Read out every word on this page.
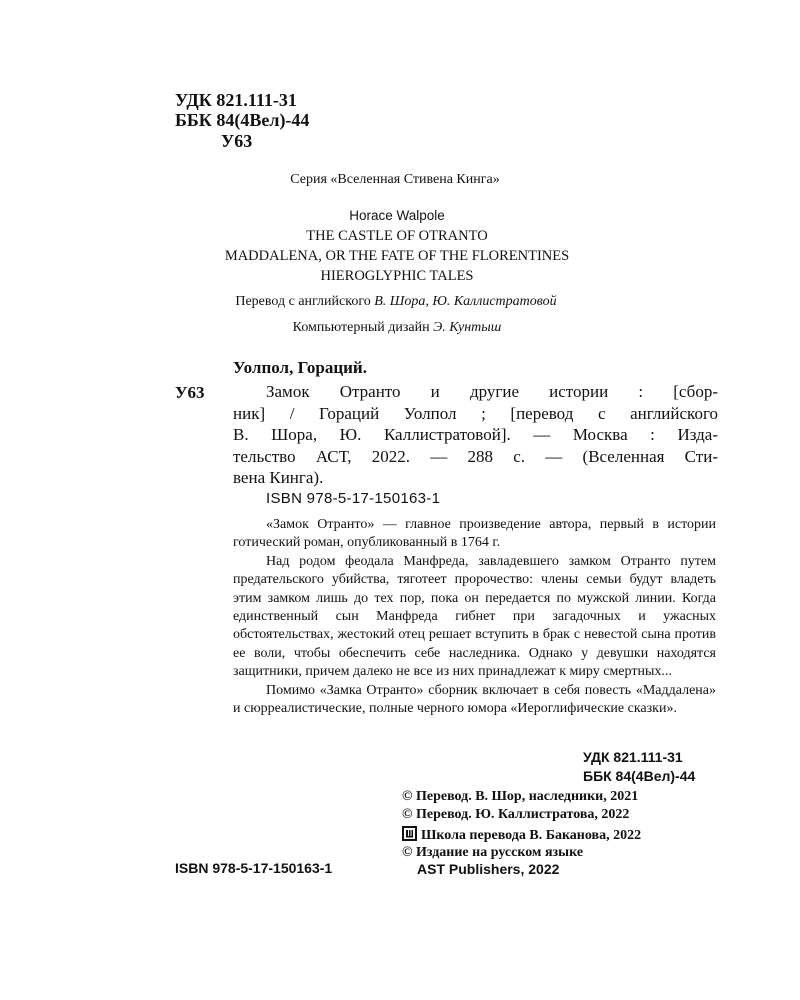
УДК 821.111-31
ББК 84(4Вел)-44
У63
Серия «Вселенная Стивена Кинга»
Horace Walpole
THE CASTLE OF OTRANTO
MADDALENA, OR THE FATE OF THE FLORENTINES
HIEROGLYPHIC TALES
Перевод с английского В. Шора, Ю. Каллистратовой
Компьютерный дизайн Э. Кунтыш
Уолпол, Гораций.
У63	Замок Отранто и другие истории : [сбор-

ник] / Гораций Уолпол ; [перевод с английского

В. Шора, Ю. Каллистратовой]. — Москва : Изда-

тельство АСТ, 2022. — 288 с. — (Вселенная Сти-

вена Кинга).

ISBN 978-5-17-150163-1

«Замок Отранто» — главное произведение автора, первый в истории готический роман, опубликованный в 1764 г.

Над родом феодала Манфреда, завладевшего замком Отранто путем предательского убийства, тяготеет пророчество: члены семьи будут владеть этим замком лишь до тех пор, пока он передается по мужской линии. Когда единственный сын Манфреда гибнет при загадочных и ужасных обстоятельствах, жестокий отец решает вступить в брак с невестой сына против ее воли, чтобы обеспечить себе наследника. Однако у девушки находятся защитники, причем далеко не все из них принадлежат к миру смертных...

Помимо «Замка Отранто» сборник включает в себя повесть «Маддалена» и сюрреалистические, полные черного юмора «Иероглифические сказки».

УДК 821.111-31
ББК 84(4Вел)-44
© Перевод. В. Шор, наследники, 2021
© Перевод. Ю. Каллистратова, 2022
Школа перевода В. Баканова, 2022
© Издание на русском языке
AST Publishers, 2022
ISBN 978-5-17-150163-1
